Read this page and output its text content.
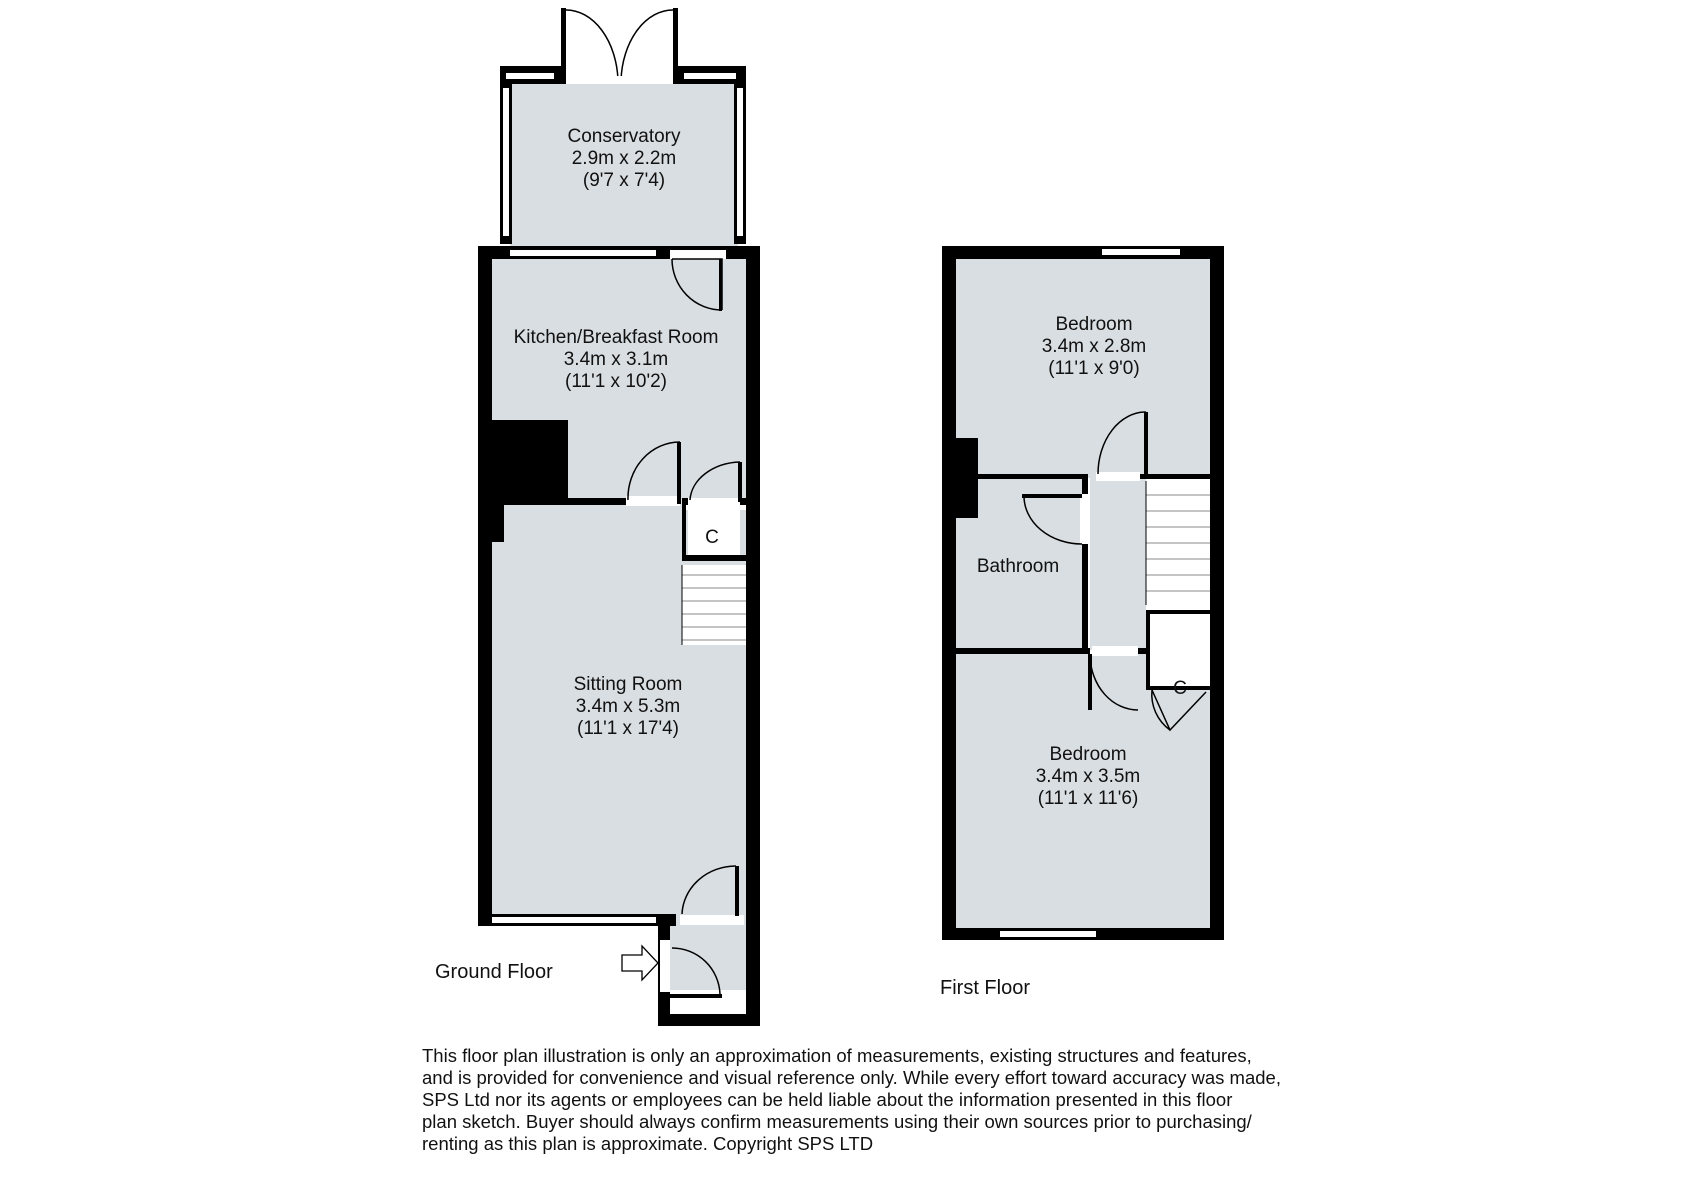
C
Conservatory
2.9m x 2.2m
(9'7 x 7'4)
Kitchen/Breakfast Room
3.4m x 3.1m
(11'1 x 10'2)
Sitting Room
3.4m x 5.3m
(11'1 x 17'4)
Ground Floor
C
Bedroom
3.4m x 2.8m
(11'1 x 9'0)
Bathroom
Bedroom
3.4m x 3.5m
(11'1 x 11'6)
First Floor

This floor plan illustration is only an approximation of measurements, existing structures and features,
and is provided for convenience and visual reference only. While every effort toward accuracy was made,
SPS Ltd nor its agents or employees can be held liable about the information presented in this floor
plan sketch. Buyer should always confirm measurements using their own sources prior to purchasing/
renting as this plan is approximate. Copyright SPS LTD
